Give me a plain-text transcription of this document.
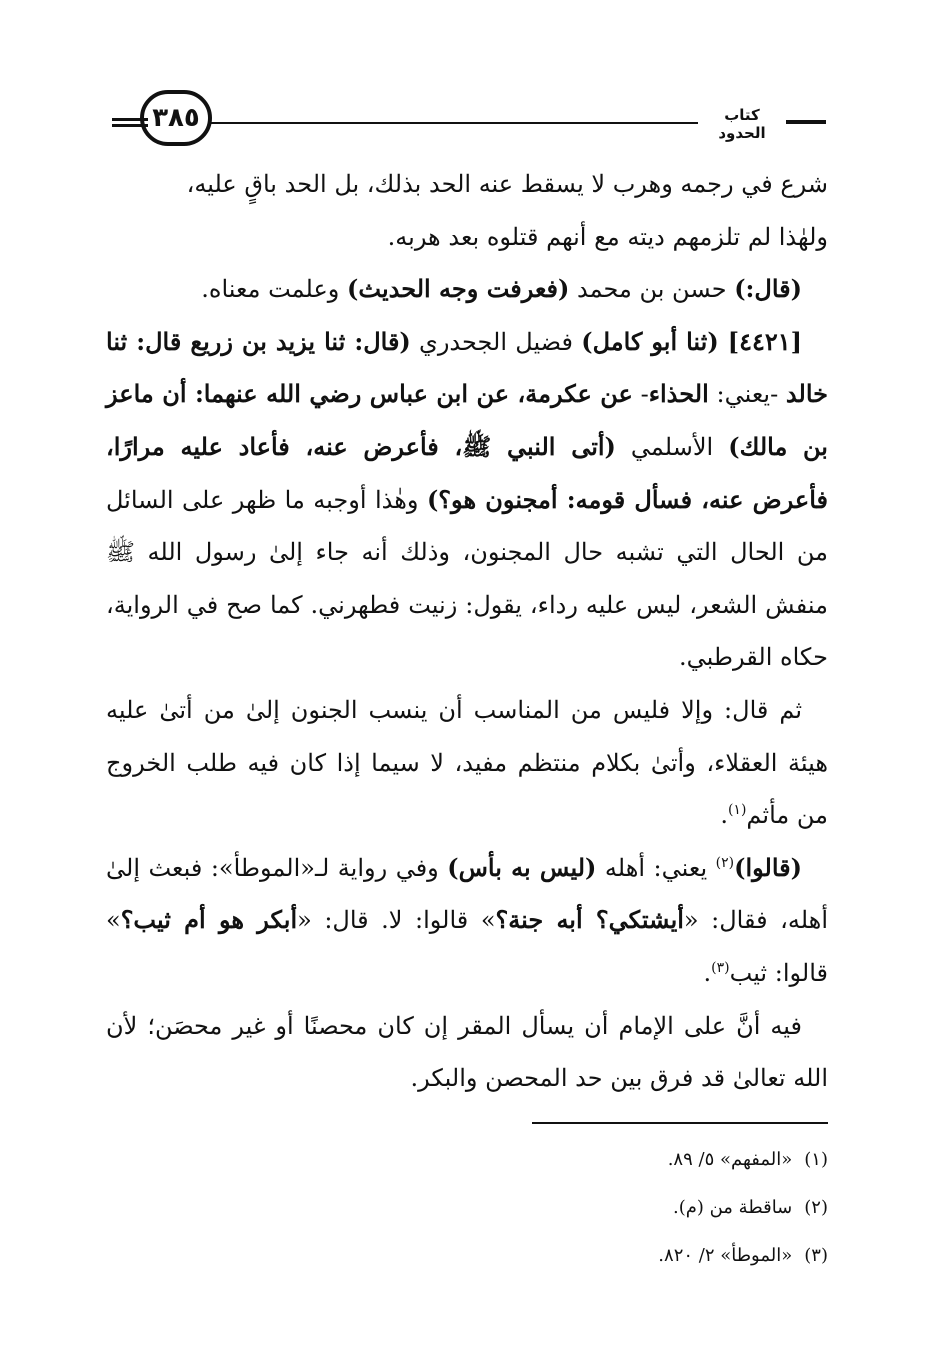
٣٨٥	كتاب الحدود

شرع في رجمه وهرب لا يسقط عنه الحد بذلك، بل الحد باقٍ عليه،
ولهٰذا لم تلزمهم ديته مع أنهم قتلوه بعد هربه.

(قال:) حسن بن محمد (فعرفت وجه الحديث) وعلمت معناه.

[٤٤٢١] (ثنا أبو كامل) فضيل الجحدري (قال: ثنا يزيد بن زريع قال: ثنا خالد -يعني: الحذاء- عن عكرمة، عن ابن عباس رضي الله عنهما: أن ماعز بن مالك) الأسلمي (أتى النبي ﷺ، فأعرض عنه، فأعاد عليه مرارًا، فأعرض عنه، فسأل قومه: أمجنون هو؟) وهٰذا أوجبه ما ظهر على السائل من الحال التي تشبه حال المجنون، وذلك أنه جاء إلىٰ رسول الله ﷺ منفش الشعر، ليس عليه رداء، يقول: زنيت فطهرني. كما صح في الرواية، حكاه القرطبي.

ثم قال: وإلا فليس من المناسب أن ينسب الجنون إلىٰ من أتىٰ عليه هيئة العقلاء، وأتىٰ بكلام منتظم مفيد، لا سيما إذا كان فيه طلب الخروج من مأثم$^{(١)}$.

(قالوا)$^{(٢)}$ يعني: أهله (ليس به بأس) وفي رواية لـ«الموطأ»: فبعث إلىٰ أهله، فقال: «أيشتكي؟ أبه جنة؟» قالوا: لا. قال: «أبكر هو أم ثيب؟» قالوا: ثيب$^{(٣)}$.

فيه أنَّ على الإمام أن يسأل المقر إن كان محصنًا أو غير محصَن؛ لأن الله تعالىٰ قد فرق بين حد المحصن والبكر.

(١)«المفهم» ٥/ ٨٩.
(٢)ساقطة من (م).
(٣)«الموطأ» ٢/ ٨٢٠.
